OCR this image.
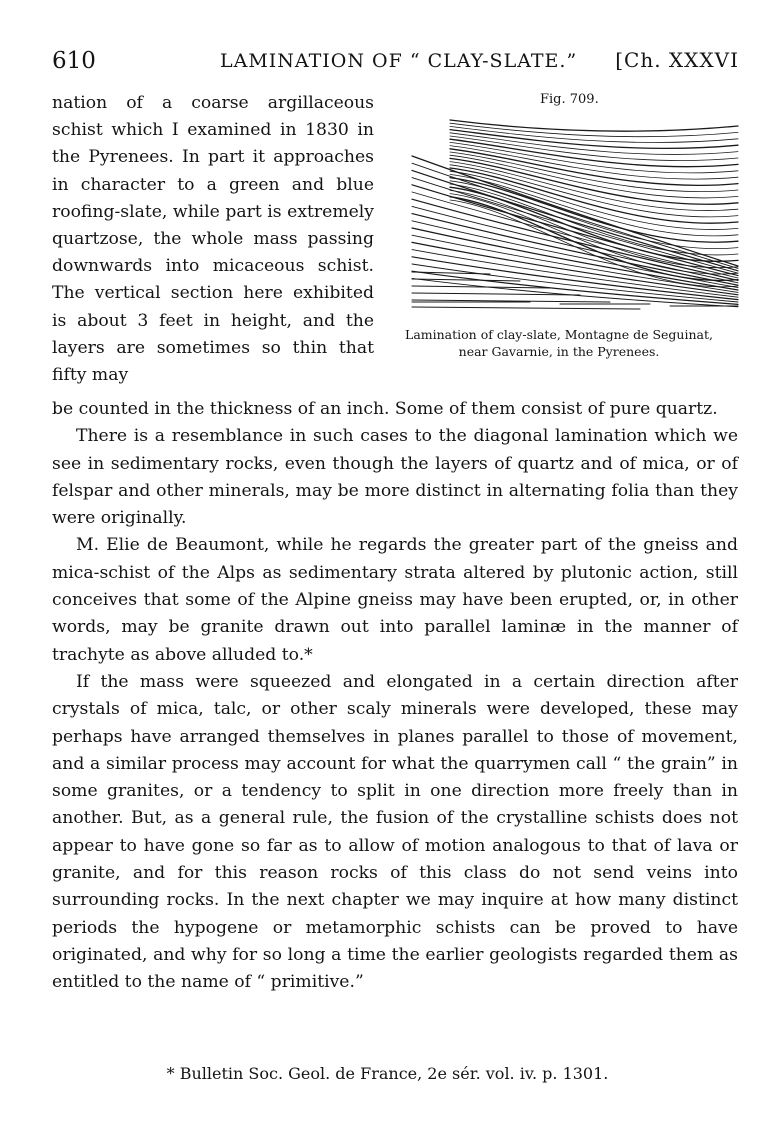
610	LAMINATION OF “ CLAY-SLATE.” [Ch. XXXVI

nation of a coarse argillaceous schist which I examined in 1830 in the Pyrenees. In part it approaches in character to a green and blue roofing-slate, while part is extremely quartzose, the whole mass passing downwards into micaceous schist. The vertical section here exhibited is about 3 feet in height, and the layers are sometimes so thin that fifty may

Fig. 709.
Lamination of clay-slate, Montagne de Seguinat,
near Gavarnie, in the Pyrenees.

be counted in the thickness of an inch. Some of them consist of pure quartz.

There is a resemblance in such cases to the diagonal lamination which we see in sedimentary rocks, even though the layers of quartz and of mica, or of felspar and other minerals, may be more distinct in alternating folia than they were originally.

M. Elie de Beaumont, while he regards the greater part of the gneiss and mica-schist of the Alps as sedimentary strata altered by plutonic action, still conceives that some of the Alpine gneiss may have been erupted, or, in other words, may be granite drawn out into parallel laminæ in the manner of trachyte as above alluded to.*

If the mass were squeezed and elongated in a certain direction after crystals of mica, talc, or other scaly minerals were developed, these may perhaps have arranged themselves in planes parallel to those of movement, and a similar process may account for what the quarrymen call “ the grain” in some granites, or a tendency to split in one direction more freely than in another. But, as a general rule, the fusion of the crystalline schists does not appear to have gone so far as to allow of motion analogous to that of lava or granite, and for this reason rocks of this class do not send veins into surrounding rocks. In the next chapter we may inquire at how many distinct periods the hypogene or metamorphic schists can be proved to have originated, and why for so long a time the earlier geologists regarded them as entitled to the name of “ primitive.”

* Bulletin Soc. Geol. de France, 2e sér. vol. iv. p. 1301.
